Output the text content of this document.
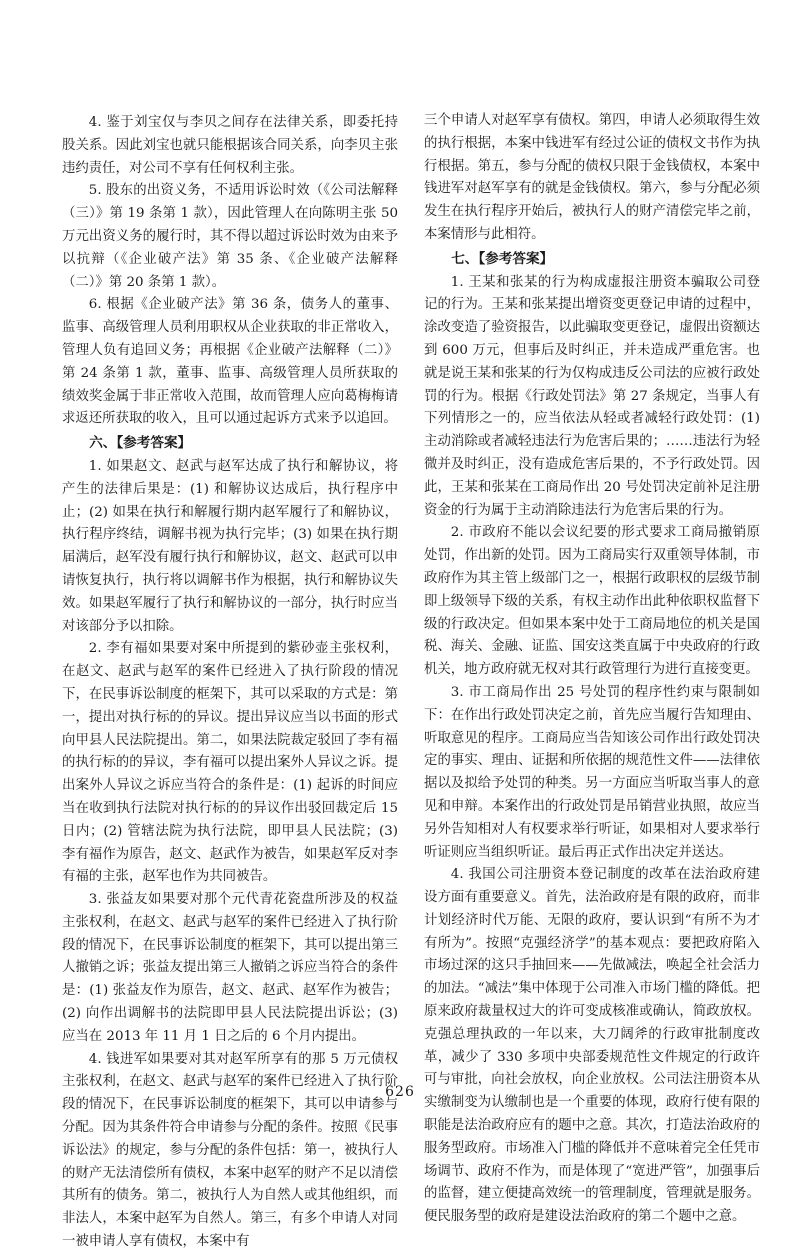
4. 鉴于刘宝仅与李贝之间存在法律关系，即委托持股关系。因此刘宝也就只能根据该合同关系，向李贝主张违约责任，对公司不享有任何权利主张。

5. 股东的出资义务，不适用诉讼时效（《公司法解释（三）》第 19 条第 1 款），因此管理人在向陈明主张 50 万元出资义务的履行时，其不得以超过诉讼时效为由来予以抗辩（《企业破产法》第 35 条、《企业破产法解释（二）》第 20 条第 1 款）。

6. 根据《企业破产法》第 36 条，债务人的董事、监事、高级管理人员利用职权从企业获取的非正常收入，管理人负有追回义务；再根据《企业破产法解释（二）》第 24 条第 1 款，董事、监事、高级管理人员所获取的绩效奖金属于非正常收入范围，故而管理人应向葛梅梅请求返还所获取的收入，且可以通过起诉方式来予以追回。

六、【参考答案】

1. 如果赵文、赵武与赵军达成了执行和解协议，将产生的法律后果是：(1) 和解协议达成后，执行程序中止；(2) 如果在执行和解履行期内赵军履行了和解协议，执行程序终结，调解书视为执行完毕；(3) 如果在执行期届满后，赵军没有履行执行和解协议，赵文、赵武可以申请恢复执行，执行将以调解书作为根据，执行和解协议失效。如果赵军履行了执行和解协议的一部分，执行时应当对该部分予以扣除。

2. 李有福如果要对案中所提到的紫砂壶主张权利，在赵文、赵武与赵军的案件已经进入了执行阶段的情况下，在民事诉讼制度的框架下，其可以采取的方式是：第一，提出对执行标的的异议。提出异议应当以书面的形式向甲县人民法院提出。第二，如果法院裁定驳回了李有福的执行标的的异议，李有福可以提出案外人异议之诉。提出案外人异议之诉应当符合的条件是：(1) 起诉的时间应当在收到执行法院对执行标的的异议作出驳回裁定后 15 日内；(2) 管辖法院为执行法院，即甲县人民法院；(3) 李有福作为原告，赵文、赵武作为被告，如果赵军反对李有福的主张，赵军也作为共同被告。

3. 张益友如果要对那个元代青花瓷盘所涉及的权益主张权利，在赵文、赵武与赵军的案件已经进入了执行阶段的情况下，在民事诉讼制度的框架下，其可以提出第三人撤销之诉；张益友提出第三人撤销之诉应当符合的条件是：(1) 张益友作为原告，赵文、赵武、赵军作为被告；(2) 向作出调解书的法院即甲县人民法院提出诉讼；(3) 应当在 2013 年 11 月 1 日之后的 6 个月内提出。

4. 钱进军如果要对其对赵军所享有的那 5 万元债权主张权利，在赵文、赵武与赵军的案件已经进入了执行阶段的情况下，在民事诉讼制度的框架下，其可以申请参与分配。因为其条件符合申请参与分配的条件。按照《民事诉讼法》的规定，参与分配的条件包括：第一，被执行人的财产无法清偿所有债权，本案中赵军的财产不足以清偿其所有的债务。第二，被执行人为自然人或其他组织，而非法人，本案中赵军为自然人。第三，有多个申请人对同一被申请人享有债权，本案中有

三个申请人对赵军享有债权。第四，申请人必须取得生效的执行根据，本案中钱进军有经过公证的债权文书作为执行根据。第五，参与分配的债权只限于金钱债权，本案中钱进军对赵军享有的就是金钱债权。第六，参与分配必须发生在执行程序开始后，被执行人的财产清偿完毕之前，本案情形与此相符。

七、【参考答案】

1. 王某和张某的行为构成虚报注册资本骗取公司登记的行为。王某和张某提出增资变更登记申请的过程中，涂改变造了验资报告，以此骗取变更登记，虚假出资额达到 600 万元，但事后及时纠正，并未造成严重危害。也就是说王某和张某的行为仅构成违反公司法的应被行政处罚的行为。根据《行政处罚法》第 27 条规定，当事人有下列情形之一的，应当依法从轻或者减轻行政处罚：(1) 主动消除或者减轻违法行为危害后果的；……违法行为轻微并及时纠正，没有造成危害后果的，不予行政处罚。因此，王某和张某在工商局作出 20 号处罚决定前补足注册资金的行为属于主动消除违法行为危害后果的行为。

2. 市政府不能以会议纪要的形式要求工商局撤销原处罚，作出新的处罚。因为工商局实行双重领导体制，市政府作为其主管上级部门之一，根据行政职权的层级节制即上级领导下级的关系，有权主动作出此种依职权监督下级的行政决定。但如果本案中处于工商局地位的机关是国税、海关、金融、证监、国安这类直属于中央政府的行政机关，地方政府就无权对其行政管理行为进行直接变更。

3. 市工商局作出 25 号处罚的程序性约束与限制如下：在作出行政处罚决定之前，首先应当履行告知理由、听取意见的程序。工商局应当告知该公司作出行政处罚决定的事实、理由、证据和所依据的规范性文件——法律依据以及拟给予处罚的种类。另一方面应当听取当事人的意见和申辩。本案作出的行政处罚是吊销营业执照，故应当另外告知相对人有权要求举行听证，如果相对人要求举行听证则应当组织听证。最后再正式作出决定并送达。

4. 我国公司注册资本登记制度的改革在法治政府建设方面有重要意义。首先，法治政府是有限的政府，而非计划经济时代万能、无限的政府，要认识到“有所不为才有所为”。按照“克强经济学”的基本观点：要把政府陷入市场过深的这只手抽回来——先做减法，唤起全社会活力的加法。“减法”集中体现于公司准入市场门槛的降低。把原来政府裁量权过大的许可变成核准或确认，简政放权。克强总理执政的一年以来，大刀阔斧的行政审批制度改革，减少了 330 多项中央部委规范性文件规定的行政许可与审批，向社会放权，向企业放权。公司法注册资本从实缴制变为认缴制也是一个重要的体现，政府行使有限的职能是法治政府应有的题中之意。其次，打造法治政府的服务型政府。市场准入门槛的降低并不意味着完全任凭市场调节、政府不作为，而是体现了“宽进严管”，加强事后的监督，建立便捷高效统一的管理制度，管理就是服务。便民服务型的政府是建设法治政府的第二个题中之意。

626
